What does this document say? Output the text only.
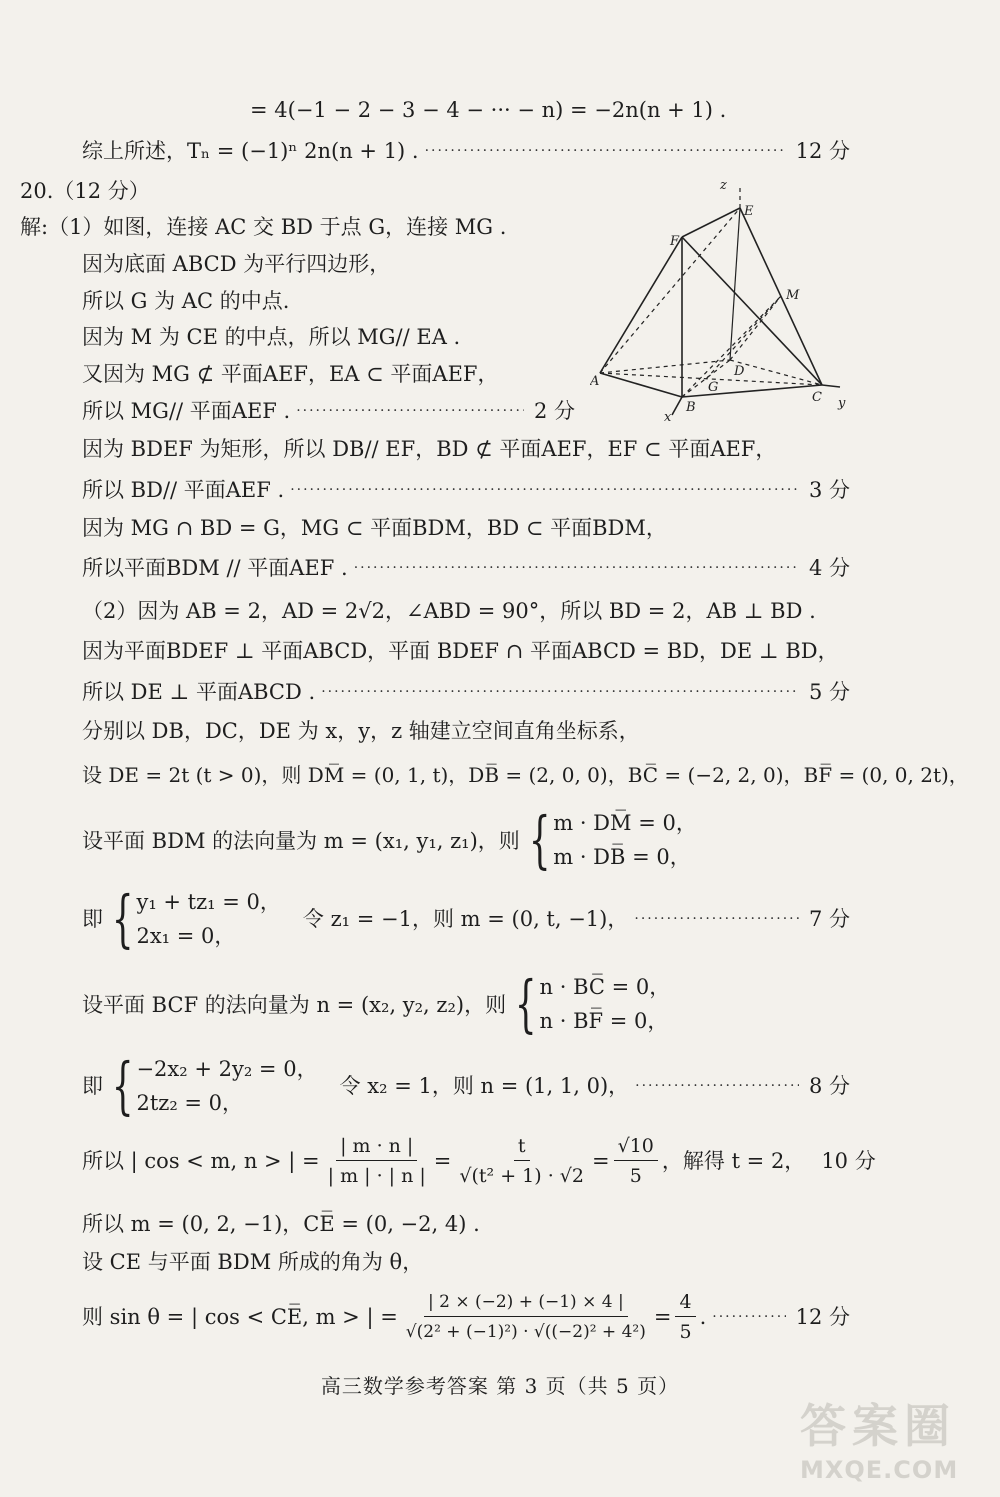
= 4(−1 − 2 − 3 − 4 − ··· − n) = −2n(n + 1) .
综上所述，Tₙ = (−1)ⁿ 2n(n + 1) . ·····	12 分
20.（12 分）
解:（1）如图，连接 AC 交 BD 于点 G，连接 MG .
因为底面 ABCD 为平行四边形，
所以 G 为 AC 的中点.
因为 M 为 CE 的中点，所以 MG// EA .
又因为 MG ⊄ 平面AEF，EA ⊂ 平面AEF，
所以 MG// 平面AEF . ·····	2 分
因为 BDEF 为矩形，所以 DB// EF，BD ⊄ 平面AEF，EF ⊂ 平面AEF，
所以 BD// 平面AEF . ·····	3 分
因为 MG ∩ BD = G，MG ⊂ 平面BDM，BD ⊂ 平面BDM，
所以平面BDM // 平面AEF . ·····	4 分
（2）因为 AB = 2，AD = 2√2，∠ABD = 90°，所以 BD = 2，AB ⊥ BD .
因为平面BDEF ⊥ 平面ABCD，平面 BDEF ∩ 平面ABCD = BD，DE ⊥ BD，
所以 DE ⊥ 平面ABCD . ·····	5 分
分别以 DB，DC，DE 为 x，y，z 轴建立空间直角坐标系，
设 DE = 2t (t > 0)，则 DM̅ = (0, 1, t)，DB̅ = (2, 0, 0)，BC̅ = (−2, 2, 0)，BF̅ = (0, 0, 2t)，
设平面 BDM 的法向量为 m = (x₁, y₁, z₁)，则 { m · DM̅ = 0，
m · DB̅ = 0，
即 { y₁ + tz₁ = 0，
2x₁ = 0，
令 z₁ = −1，则 m = (0, t, −1)， ·····	7 分
设平面 BCF 的法向量为 n = (x₂, y₂, z₂)，则 { n · BC̅ = 0，
n · BF̅ = 0，
即 { −2x₂ + 2y₂ = 0，
2tz₂ = 0，
令 x₂ = 1，则 n = (1, 1, 0)， ·····	8 分
所以 | cos < m, n > | = $\frac{| m \cdot n |}{| m | \cdot | n |} = \frac{t}{\text{√(t² + 1) · √2}} = \frac{√10}{5}$ ，解得 t = 2， 10 分
所以 m = (0, 2, −1)，CE̅ = (0, −2, 4) .
设 CE 与平面 BDM 所成的角为 θ，
则 sin θ = | cos < CE̅, m > | = $\frac{| 2 \times (-2) + (-1) \times 4 |}{\text{√(2² + (−1)²) · √((−2)² + 4²)}} = \frac{4}{5}$ . ·····	12 分
z
E
F
M
A
D
G
B
C
x
y
高三数学参考答案 第 3 页（共 5 页）
答案圈
MXQE.COM
